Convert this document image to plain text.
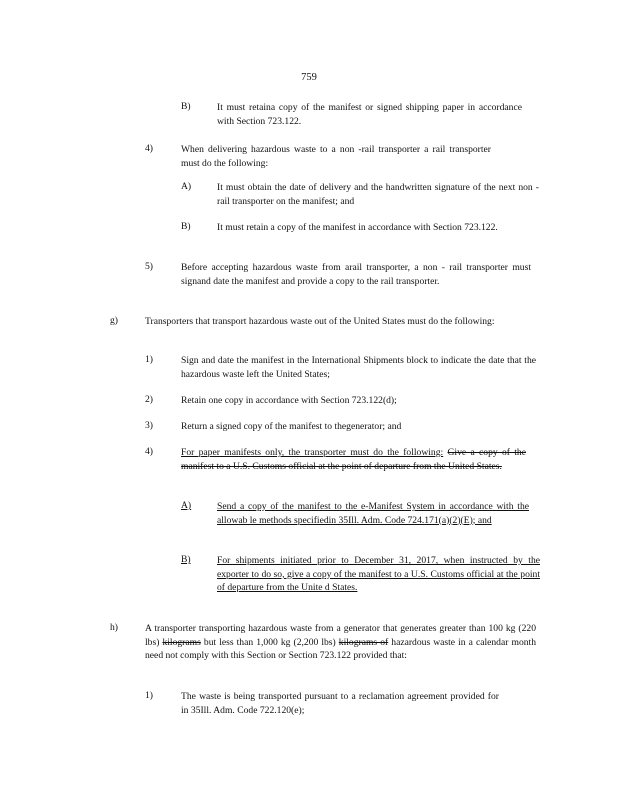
759
B)	It must retaina copy of the manifest or signed shipping paper in accordance with Section 723.122.
4)	When delivering hazardous waste to a non -rail transporter a rail transporter must do the following:
A)	It must obtain the date of delivery and the handwritten signature of the next non -rail transporter on the manifest; and
B)	It must retain a copy of the manifest in accordance with Section 723.122.
5)	Before accepting hazardous waste from arail transporter, a non - rail transporter must signand date the manifest and provide a copy to the rail transporter.
g)	Transporters that transport hazardous waste out of the United States must do the following:
1)	Sign and date the manifest in the International Shipments block to indicate the date that the hazardous waste left the United States;
2)	Retain one copy in accordance with Section 723.122(d);
3)	Return a signed copy of the manifest to thegenerator; and
4)	For paper manifests only, the transporter must do the following: Give a copy of the manifest to a U.S. Customs official at the point of departure from the United States.
A)	Send a copy of the manifest to the e-Manifest System in accordance with the allowab le methods specifiedin 35Ill. Adm. Code 724.171(a)(2)(E); and
B)	For shipments initiated prior to December 31, 2017, when instructed by the exporter to do so, give a copy of the manifest to a U.S. Customs official at the point of departure from the Unite d States.
h)	A transporter transporting hazardous waste from a generator that generates greater than 100 kg (220 lbs) kilograms but less than 1,000 kg (2,200 lbs) kilograms of hazardous waste in a calendar month need not comply with this Section or Section 723.122 provided that:
1)	The waste is being transported pursuant to a reclamation agreement provided for in 35Ill. Adm. Code 722.120(e);
